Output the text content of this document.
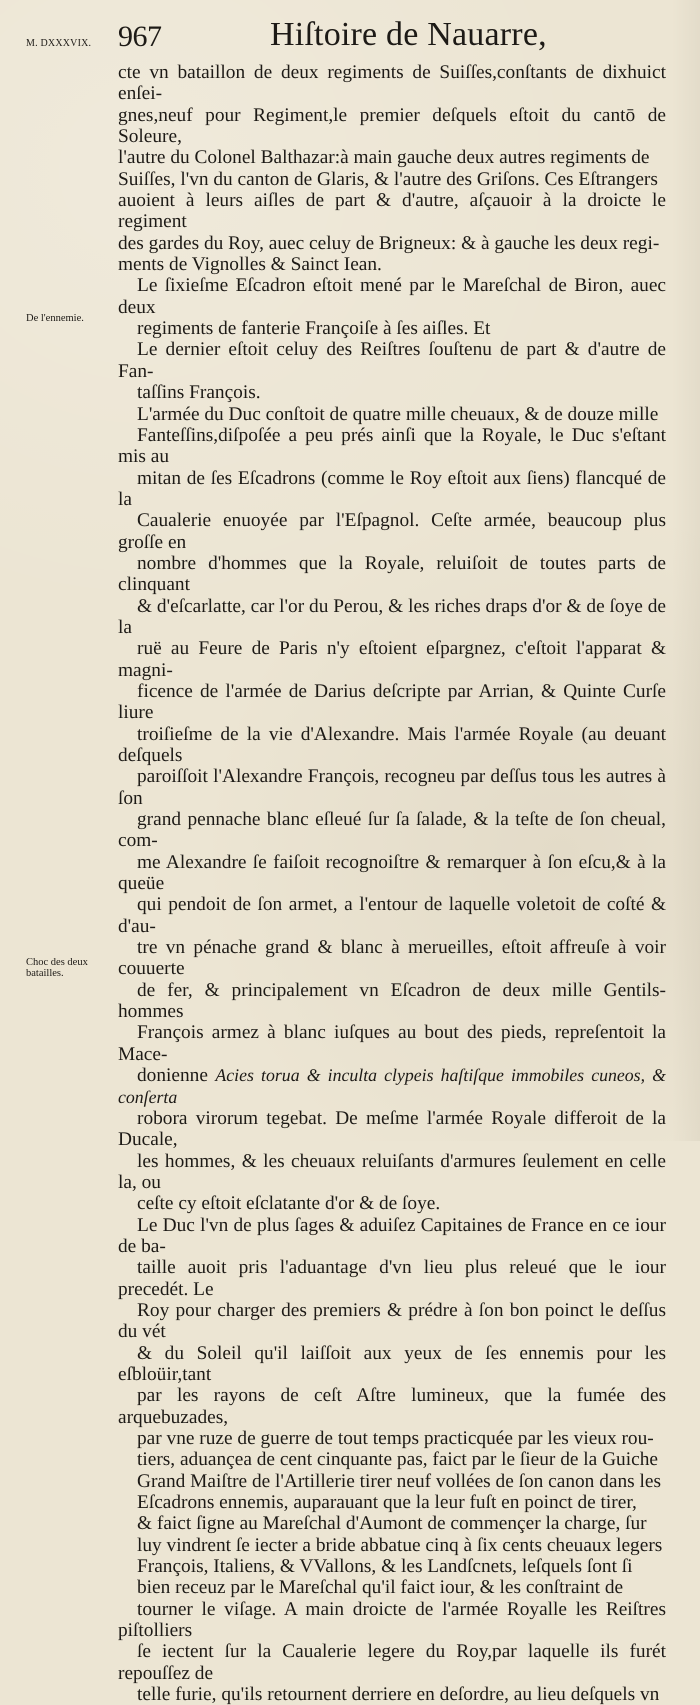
M. DXXXVIX. 967	Hiſtoire de Nauarre,
De l'ennemie.
Choc des deux batailles.
cte vn bataillon de deux regiments de Suiſſes,conſtants de dixhuict enſei-
gnes,neuf pour Regiment,le premier deſquels eſtoit du cantō de Soleure,
l'autre du Colonel Balthazar:à main gauche deux autres regiments de
Suiſſes, l'vn du canton de Glaris, & l'autre des Griſons. Ces Eſtrangers
auoient à leurs aiſles de part & d'autre, aſçauoir à la droicte le regiment
des gardes du Roy, auec celuy de Brigneux: & à gauche les deux regi-
ments de Vignolles & Sainct Iean.
Le ſixieſme Eſcadron eſtoit mené par le Mareſchal de Biron, auec deux
regiments de fanterie Françoiſe à ſes aiſles. Et
Le dernier eſtoit celuy des Reiſtres ſouſtenu de part & d'autre de Fan-
taſſins François.
L'armée du Duc conſtoit de quatre mille cheuaux, & de douze mille
Fanteſſins,diſpoſée a peu prés ainſi que la Royale, le Duc s'eſtant mis au
mitan de ſes Eſcadrons (comme le Roy eſtoit aux ſiens) flancqué de la
Caualerie enuoyée par l'Eſpagnol. Ceſte armée, beaucoup plus groſſe en
nombre d'hommes que la Royale, reluiſoit de toutes parts de clinquant
& d'eſcarlatte, car l'or du Perou, & les riches draps d'or & de ſoye de la
ruë au Feure de Paris n'y eſtoient eſpargnez, c'eſtoit l'apparat & magni-
ficence de l'armée de Darius deſcripte par Arrian, & Quinte Curſe liure
troiſieſme de la vie d'Alexandre. Mais l'armée Royale (au deuant deſquels
paroiſſoit l'Alexandre François, recogneu par deſſus tous les autres à ſon
grand pennache blanc eſleué ſur ſa ſalade, & la teſte de ſon cheual, com-
me Alexandre ſe faiſoit recognoiſtre & remarquer à ſon eſcu,& à la queüe
qui pendoit de ſon armet, a l'entour de laquelle voletoit de coſté & d'au-
tre vn pénache grand & blanc à merueilles, eſtoit affreuſe à voir couuerte
de fer, & principalement vn Eſcadron de deux mille Gentils-hommes
François armez à blanc iuſques au bout des pieds, repreſentoit la Mace-
donienne Acies torua & inculta clypeis haſtiſque immobiles cuneos, & conſerta
robora virorum tegebat. De meſme l'armée Royale differoit de la Ducale,
les hommes, & les cheuaux reluiſants d'armures ſeulement en celle la, ou
ceſte cy eſtoit eſclatante d'or & de ſoye.
Le Duc l'vn de plus ſages & aduiſez Capitaines de France en ce iour de ba-
taille auoit pris l'aduantage d'vn lieu plus releué que le iour precedét. Le
Roy pour charger des premiers & prédre à ſon bon poinct le deſſus du vét
& du Soleil qu'il laiſſoit aux yeux de ſes ennemis pour les eſbloüir,tant
par les rayons de ceſt Aſtre lumineux, que la fumée des arquebuzades,
par vne ruze de guerre de tout temps practicquée par les vieux rou-
tiers, aduançea de cent cinquante pas, faict par le ſieur de la Guiche
Grand Maiſtre de l'Artillerie tirer neuf vollées de ſon canon dans les
Eſcadrons ennemis, auparauant que la leur fuſt en poinct de tirer,
& faict ſigne au Mareſchal d'Aumont de commençer la charge, ſur
luy vindrent ſe iecter a bride abbatue cinq à ſix cents cheuaux legers
François, Italiens, & VVallons, & les Landſcnets, leſquels ſont ſi
bien receuz par le Mareſchal qu'il faict iour, & les conſtraint de
tourner le viſage. A main droicte de l'armée Royalle les Reiſtres piſtolliers
ſe iectent ſur la Caualerie legere du Roy,par laquelle ils furét repouſſez de
telle furie, qu'ils retournent derriere en deſordre, au lieu deſquels vn
